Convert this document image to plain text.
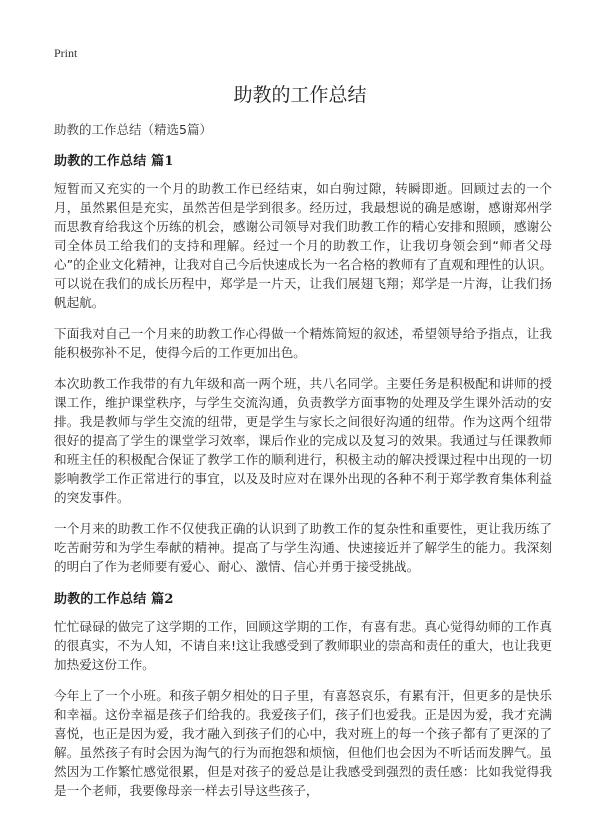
Print
助教的工作总结
助教的工作总结（精选5篇）
助教的工作总结 篇1

短暂而又充实的一个月的助教工作已经结束，如白驹过隙，转瞬即逝。回顾过去的一个月，虽然累但是充实，虽然苦但是学到很多。经历过，我最想说的确是感谢，感谢郑州学而思教育给我这个历练的机会，感谢公司领导对我们助教工作的精心安排和照顾，感谢公司全体员工给我们的支持和理解。经过一个月的助教工作，让我切身领会到“师者父母心”的企业文化精神，让我对自己今后快速成长为一名合格的教师有了直观和理性的认识。可以说在我们的成长历程中，郑学是一片天，让我们展翅飞翔；郑学是一片海，让我们扬帆起航。

下面我对自己一个月来的助教工作心得做一个精炼简短的叙述，希望领导给予指点，让我能积极弥补不足，使得今后的工作更加出色。

本次助教工作我带的有九年级和高一两个班，共八名同学。主要任务是积极配和讲师的授课工作，维护课堂秩序，与学生交流沟通，负责教学方面事物的处理及学生课外活动的安排。我是教师与学生交流的纽带，更是学生与家长之间很好沟通的纽带。作为这两个纽带很好的提高了学生的课堂学习效率，课后作业的完成以及复习的效果。我通过与任课教师和班主任的积极配合保证了教学工作的顺利进行，积极主动的解决授课过程中出现的一切影响教学工作正常进行的事宜，以及及时应对在课外出现的各种不利于郑学教育集体利益的突发事件。

一个月来的助教工作不仅使我正确的认识到了助教工作的复杂性和重要性，更让我历练了吃苦耐劳和为学生奉献的精神。提高了与学生沟通、快速接近并了解学生的能力。我深刻的明白了作为老师要有爱心、耐心、激情、信心并勇于接受挑战。

助教的工作总结 篇2

忙忙碌碌的做完了这学期的工作，回顾这学期的工作，有喜有悲。真心觉得幼师的工作真的很真实，不为人知，不请自来!这让我感受到了教师职业的崇高和责任的重大，也让我更加热爱这份工作。

今年上了一个小班。和孩子朝夕相处的日子里，有喜怒哀乐，有累有汗，但更多的是快乐和幸福。这份幸福是孩子们给我的。我爱孩子们，孩子们也爱我。正是因为爱，我才充满喜悦，也正是因为爱，我才融入到孩子们的心中，我对班上的每一个孩子都有了更深的了解。虽然孩子有时会因为淘气的行为而抱怨和烦恼，但他们也会因为不听话而发脾气。虽然因为工作繁忙感觉很累，但是对孩子的爱总是让我感受到强烈的责任感：比如我觉得我是一个老师，我要像母亲一样去引导这些孩子，
